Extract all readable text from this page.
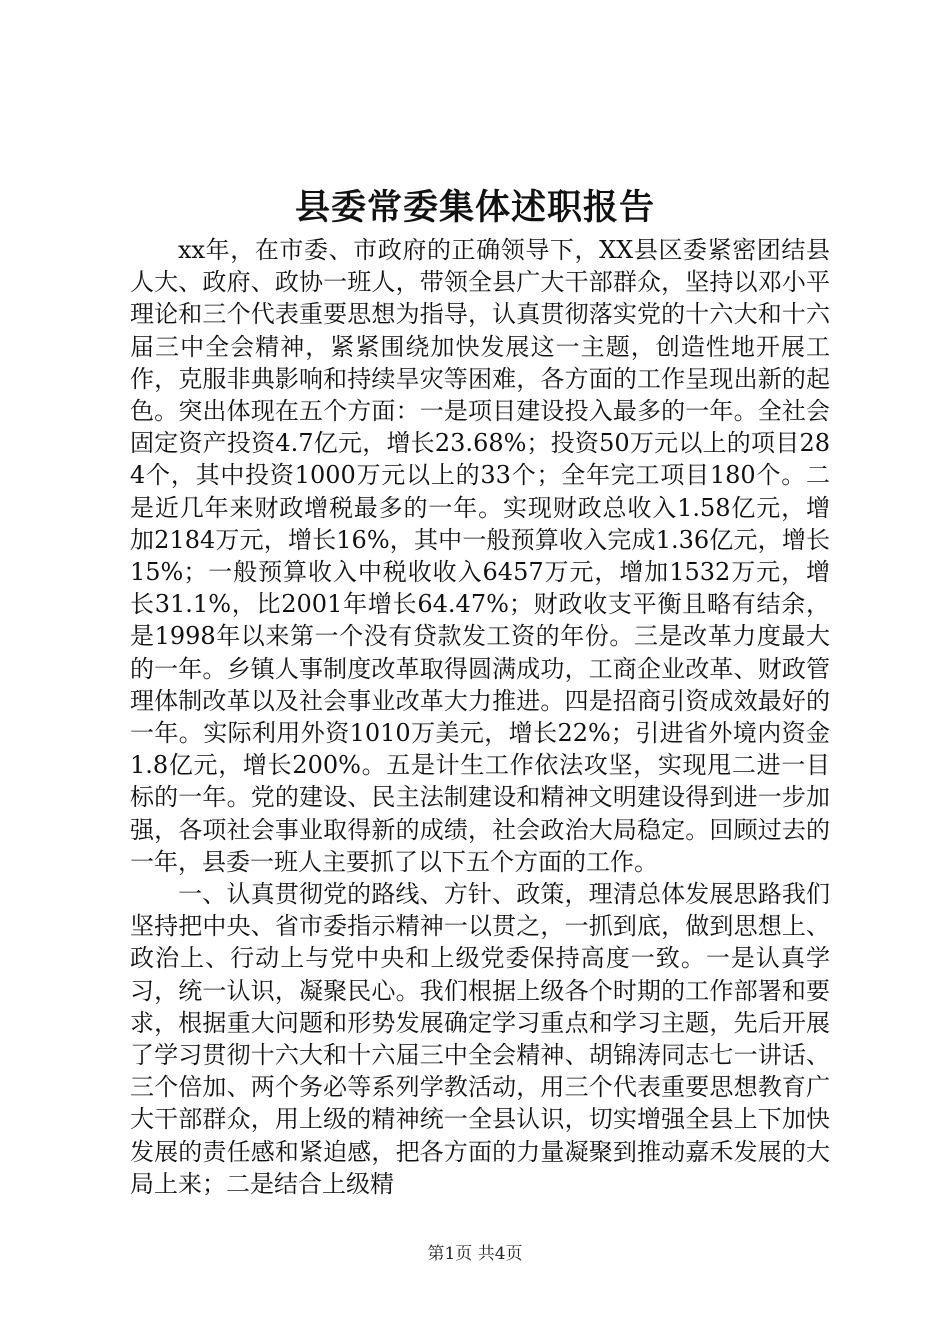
县委常委集体述职报告

xx年，在市委、市政府的正确领导下，XX县区委紧密团结县人大、政府、政协一班人，带领全县广大干部群众，坚持以邓小平理论和三个代表重要思想为指导，认真贯彻落实党的十六大和十六届三中全会精神，紧紧围绕加快发展这一主题，创造性地开展工作，克服非典影响和持续旱灾等困难，各方面的工作呈现出新的起色。突出体现在五个方面：一是项目建设投入最多的一年。全社会固定资产投资4.7亿元，增长23.68%；投资50万元以上的项目284个，其中投资1000万元以上的33个；全年完工项目180个。二是近几年来财政增税最多的一年。实现财政总收入1.58亿元，增加2184万元，增长16%，其中一般预算收入完成1.36亿元，增长15%；一般预算收入中税收收入6457万元，增加1532万元，增长31.1%，比2001年增长64.47%；财政收支平衡且略有结余，是1998年以来第一个没有贷款发工资的年份。三是改革力度最大的一年。乡镇人事制度改革取得圆满成功，工商企业改革、财政管理体制改革以及社会事业改革大力推进。四是招商引资成效最好的一年。实际利用外资1010万美元，增长22%；引进省外境内资金1.8亿元，增长200%。五是计生工作依法攻坚，实现甩二进一目标的一年。党的建设、民主法制建设和精神文明建设得到进一步加强，各项社会事业取得新的成绩，社会政治大局稳定。回顾过去的一年，县委一班人主要抓了以下五个方面的工作。

一、认真贯彻党的路线、方针、政策，理清总体发展思路我们坚持把中央、省市委指示精神一以贯之，一抓到底，做到思想上、政治上、行动上与党中央和上级党委保持高度一致。一是认真学习，统一认识，凝聚民心。我们根据上级各个时期的工作部署和要求，根据重大问题和形势发展确定学习重点和学习主题，先后开展了学习贯彻十六大和十六届三中全会精神、胡锦涛同志七一讲话、三个倍加、两个务必等系列学教活动，用三个代表重要思想教育广大干部群众，用上级的精神统一全县认识，切实增强全县上下加快发展的责任感和紧迫感，把各方面的力量凝聚到推动嘉禾发展的大局上来；二是结合上级精

第1页 共4页
